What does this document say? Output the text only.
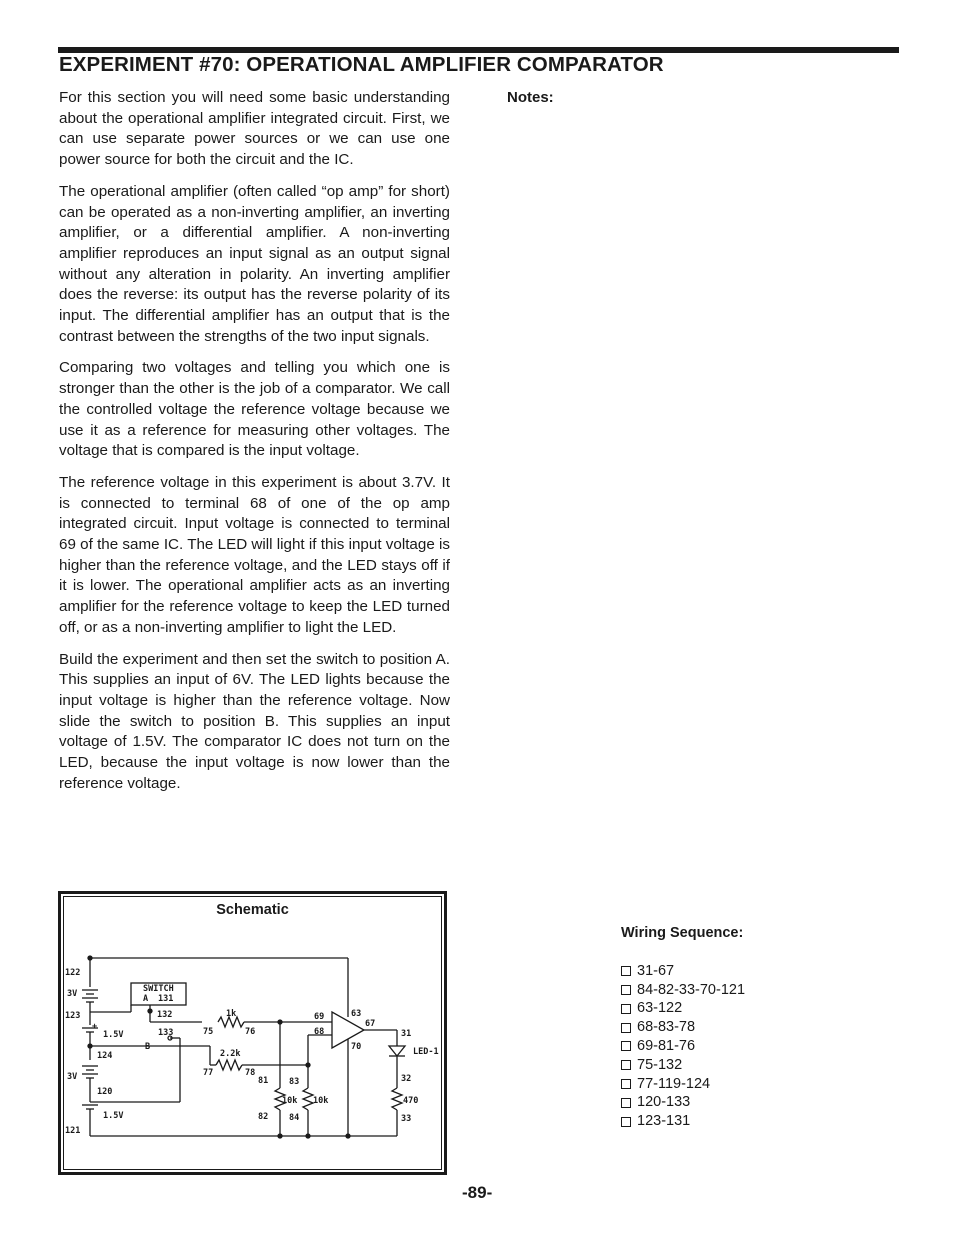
EXPERIMENT #70: OPERATIONAL AMPLIFIER COMPARATOR

For this section you will need some basic understanding about the operational amplifier integrated circuit. First, we can use separate power sources or we can use one power source for both the circuit and the IC.

The operational amplifier (often called “op amp” for short) can be operated as a non-inverting amplifier, an inverting amplifier, or a differential amplifier. A non-inverting amplifier reproduces an input signal as an output signal without any alteration in polarity. An inverting amplifier does the reverse: its output has the reverse polarity of its input. The differential amplifier has an output that is the contrast between the strengths of the two input signals.

Comparing two voltages and telling you which one is stronger than the other is the job of a comparator. We call the controlled voltage the reference voltage because we use it as a reference for measuring other voltages. The voltage that is compared is the input voltage.

The reference voltage in this experiment is about 3.7V. It is connected to terminal 68 of one of the op amp integrated circuit. Input voltage is connected to terminal 69 of the same IC. The LED will light if this input voltage is higher than the reference voltage, and the LED stays off if it is lower. The operational amplifier acts as an inverting amplifier for the reference voltage to keep the LED turned off, or as a non-inverting amplifier to light the LED.

Build the experiment and then set the switch to position A. This supplies an input of 6V. The LED lights because the input voltage is higher than the reference voltage. Now slide the switch to position B. This supplies an input voltage of 1.5V. The comparator IC does not turn on the LED, because the input voltage is now lower than the reference voltage.

Notes:
Schematic
122
3V
123
+
1.5V
124
3V
120
1.5V
121
SWITCH
A 131
132
133
B
1k
75	76
2.2k
77	78
69
68
63
67
70
81
82
83
84
10k 10k
31
LED-1
32
470
33
Wiring Sequence:
31-67
84-82-33-70-121
63-122
68-83-78
69-81-76
75-132
77-119-124
120-133
123-131
-89-
